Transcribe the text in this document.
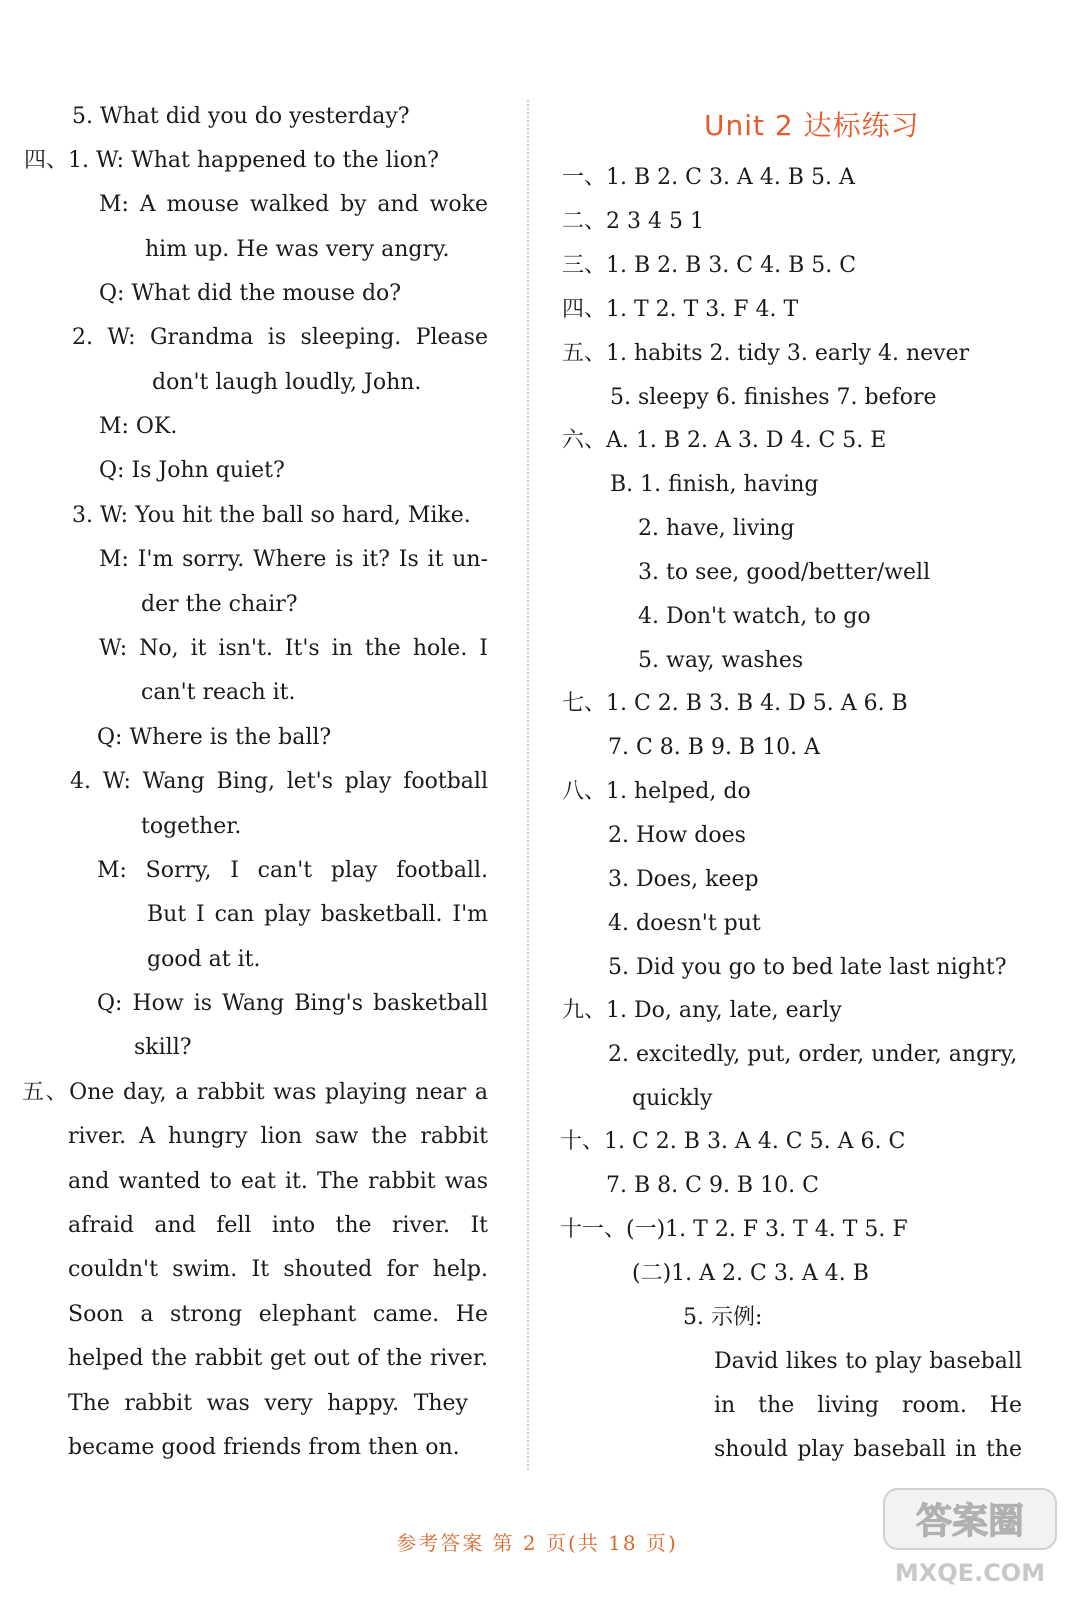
5. What did you do yesterday?
四、1. W: What happened to the lion?
M: A mouse walked by and woke
him up. He was very angry.
Q: What did the mouse do?
2. W: Grandma is sleeping. Please
don't laugh loudly, John.
M: OK.
Q: Is John quiet?
3. W: You hit the ball so hard, Mike.
M: I'm sorry. Where is it? Is it un-
der the chair?
W: No, it isn't. It's in the hole. I
can't reach it.
Q: Where is the ball?
4. W: Wang Bing, let's play football
together.
M: Sorry, I can't play football.
But I can play basketball. I'm
good at it.
Q: How is Wang Bing's basketball
skill?
五、One day, a rabbit was playing near a
river. A hungry lion saw the rabbit
and wanted to eat it. The rabbit was
afraid and fell into the river. It
couldn't swim. It shouted for help.
Soon a strong elephant came. He
helped the rabbit get out of the river.
The rabbit was very happy. They
became good friends from then on.
Unit 2 达标练习
一、1. B 2. C 3. A 4. B 5. A
二、2 3 4 5 1
三、1. B 2. B 3. C 4. B 5. C
四、1. T 2. T 3. F 4. T
五、1. habits 2. tidy 3. early 4. never
5. sleepy 6. finishes 7. before
六、A. 1. B 2. A 3. D 4. C 5. E
B. 1. finish, having
2. have, living
3. to see, good/better/well
4. Don't watch, to go
5. way, washes
七、1. C 2. B 3. B 4. D 5. A 6. B
7. C 8. B 9. B 10. A
八、1. helped, do
2. How does
3. Does, keep
4. doesn't put
5. Did you go to bed late last night?
九、1. Do, any, late, early
2. excitedly, put, order, under, angry,
quickly
十、1. C 2. B 3. A 4. C 5. A 6. C
7. B 8. C 9. B 10. C
十一、(一)1. T 2. F 3. T 4. T 5. F
(二)1. A 2. C 3. A 4. B
5. 示例:
David likes to play baseball
in the living room. He
should play baseball in the
参考答案 第 2 页(共 18 页)
答案圈
MXQE.COM
